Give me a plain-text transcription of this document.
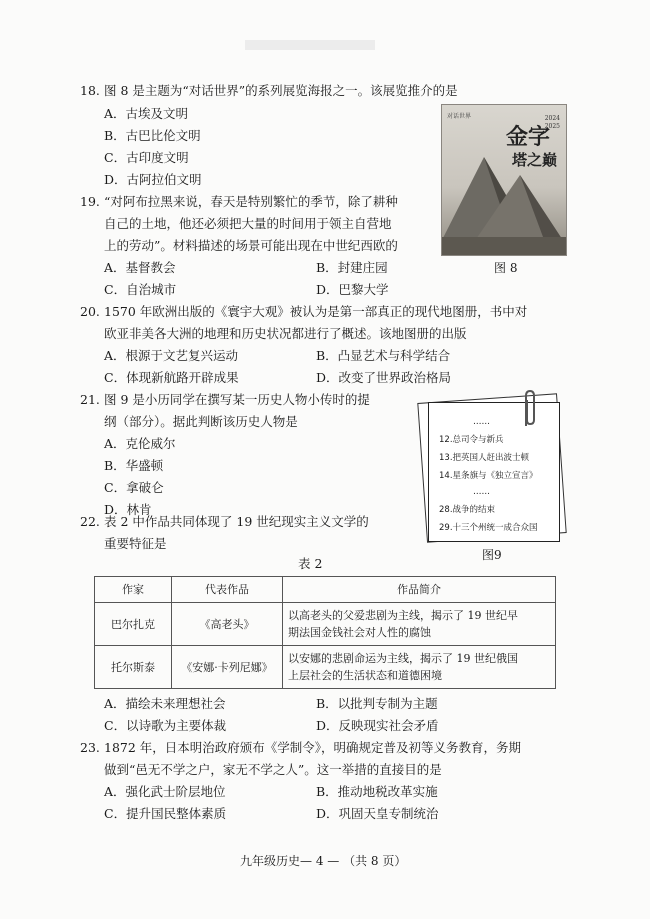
18. 图 8 是主题为“对话世界”的系列展览海报之一。该展览推介的是
A．古埃及文明
B．古巴比伦文明
C．古印度文明
D．古阿拉伯文明
对话世界	2024
2025
金字
塔之巅
图 8
19. “对阿布拉黑来说，春天是特别繁忙的季节，除了耕种
自己的土地，他还必须把大量的时间用于领主自营地
上的劳动”。材料描述的场景可能出现在中世纪西欧的
A．基督教会	B．封建庄园
C．自治城市	D．巴黎大学
20. 1570 年欧洲出版的《寰宇大观》被认为是第一部真正的现代地图册，书中对
欧亚非美各大洲的地理和历史状况都进行了概述。该地图册的出版
A．根源于文艺复兴运动	B．凸显艺术与科学结合
C．体现新航路开辟成果	D．改变了世界政治格局
21. 图 9 是小历同学在撰写某一历史人物小传时的提
纲（部分）。据此判断该历史人物是
A．克伦威尔
B．华盛顿
C．拿破仑
D．林肯
……
12.总司令与新兵
13.把英国人赶出波士顿
14.星条旗与《独立宣言》
……
28.战争的结束
29.十三个州统一成合众国
图9
22. 表 2 中作品共同体现了 19 世纪现实主义文学的
重要特征是
表 2
作家	代表作品	作品简介
巴尔扎克	《高老头》	以高老头的父爱悲剧为主线，揭示了 19 世纪早
期法国金钱社会对人性的腐蚀

托尔斯泰	《安娜·卡列尼娜》	以安娜的悲剧命运为主线，揭示了 19 世纪俄国
上层社会的生活状态和道德困境
A．描绘未来理想社会	B．以批判专制为主题
C．以诗歌为主要体裁	D．反映现实社会矛盾
23. 1872 年，日本明治政府颁布《学制令》，明确规定普及初等义务教育，务期
做到“邑无不学之户，家无不学之人”。这一举措的直接目的是
A．强化武士阶层地位	B．推动地税改革实施
C．提升国民整体素质	D．巩固天皇专制统治
九年级历史— 4 — （共 8 页）
